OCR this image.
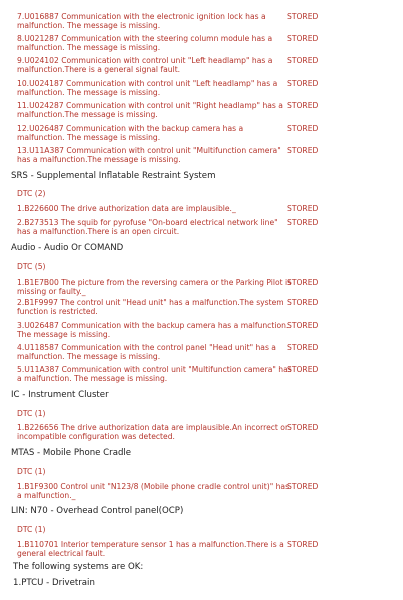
7.U016887 Communication with the electronic ignition lock has a malfunction. The message is missing.
STORED
8.U021287 Communication with the steering column module has a malfunction. The message is missing.
STORED
9.U024102 Communication with control unit "Left headlamp" has a malfunction.There is a general signal fault.
STORED
10.U024187 Communication with control unit "Left headlamp" has a malfunction. The message is missing.
STORED
11.U024287 Communication with control unit "Right headlamp" has a malfunction.The message is missing.
STORED
12.U026487 Communication with the backup camera has a malfunction. The message is missing.
STORED
13.U11A387 Communication with control unit "Multifunction camera" has a malfunction.The message is missing.
STORED
SRS - Supplemental Inflatable Restraint System
DTC (2)
1.B226600 The drive authorization data are implausible._	STORED
2.B273513 The squib for pyrofuse "On-board electrical network line" has a malfunction.There is an open circuit.
STORED
Audio - Audio Or COMAND
DTC (5)
1.B1E7B00 The picture from the reversing camera or the Parking Pilot is missing or faulty._
STORED
2.B1F9997 The control unit "Head unit" has a malfunction.The system function is restricted.
STORED
3.U026487 Communication with the backup camera has a malfunction. The message is missing.
STORED
4.U118587 Communication with the control panel "Head unit" has a malfunction. The message is missing.
STORED
5.U11A387 Communication with control unit "Multifunction camera" has a malfunction. The message is missing.
STORED
IC - Instrument Cluster
DTC (1)
1.B226656 The drive authorization data are implausible.An incorrect or incompatible configuration was detected.
STORED
MTAS - Mobile Phone Cradle
DTC (1)
1.B1F9300 Control unit "N123/8 (Mobile phone cradle control unit)" has a malfunction._
STORED
LIN: N70 - Overhead Control panel(OCP)
DTC (1)
1.B110701 Interior temperature sensor 1 has a malfunction.There is a general electrical fault.
STORED
The following systems are OK:
1.PTCU - Drivetrain
